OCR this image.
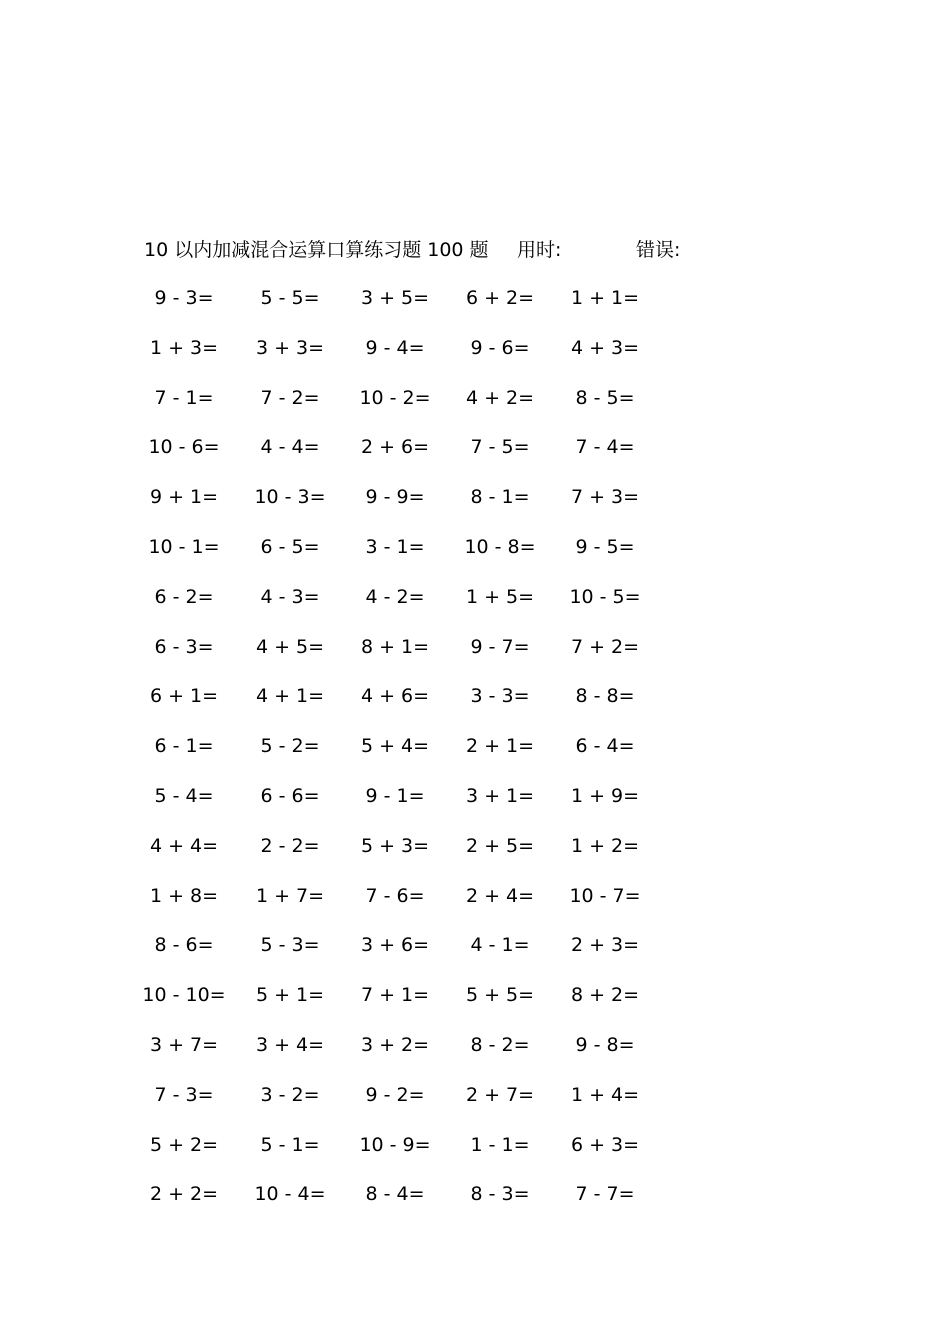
10 以内加减混合运算口算练习题 100 题 用时:	错误:
9 - 3=	5 - 5=	3 + 5=	6 + 2=	1 + 1=
1 + 3=	3 + 3=	9 - 4=	9 - 6=	4 + 3=
7 - 1=	7 - 2=	10 - 2=	4 + 2=	8 - 5=
10 - 6=	4 - 4=	2 + 6=	7 - 5=	7 - 4=
9 + 1=	10 - 3=	9 - 9=	8 - 1=	7 + 3=
10 - 1=	6 - 5=	3 - 1=	10 - 8=	9 - 5=
6 - 2=	4 - 3=	4 - 2=	1 + 5=	10 - 5=
6 - 3=	4 + 5=	8 + 1=	9 - 7=	7 + 2=
6 + 1=	4 + 1=	4 + 6=	3 - 3=	8 - 8=
6 - 1=	5 - 2=	5 + 4=	2 + 1=	6 - 4=
5 - 4=	6 - 6=	9 - 1=	3 + 1=	1 + 9=
4 + 4=	2 - 2=	5 + 3=	2 + 5=	1 + 2=
1 + 8=	1 + 7=	7 - 6=	2 + 4=	10 - 7=
8 - 6=	5 - 3=	3 + 6=	4 - 1=	2 + 3=
10 - 10=	5 + 1=	7 + 1=	5 + 5=	8 + 2=
3 + 7=	3 + 4=	3 + 2=	8 - 2=	9 - 8=
7 - 3=	3 - 2=	9 - 2=	2 + 7=	1 + 4=
5 + 2=	5 - 1=	10 - 9=	1 - 1=	6 + 3=
2 + 2=	10 - 4=	8 - 4=	8 - 3=	7 - 7=
